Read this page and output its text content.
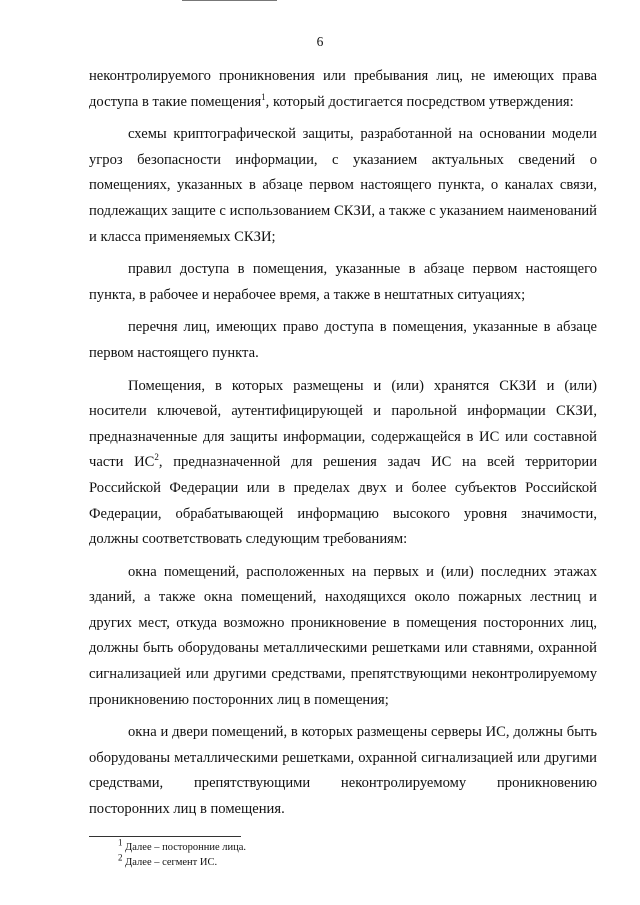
6

неконтролируемого проникновения или пребывания лиц, не имеющих права доступа в такие помещения$^1$, который достигается посредством утверждения:

схемы криптографической защиты, разработанной на основании модели угроз безопасности информации, с указанием актуальных сведений о помещениях, указанных в абзаце первом настоящего пункта, о каналах связи, подлежащих защите с использованием СКЗИ, а также с указанием наименований и класса применяемых СКЗИ;

правил доступа в помещения, указанные в абзаце первом настоящего пункта, в рабочее и нерабочее время, а также в нештатных ситуациях;

перечня лиц, имеющих право доступа в помещения, указанные в абзаце первом настоящего пункта.

Помещения, в которых размещены и (или) хранятся СКЗИ и (или) носители ключевой, аутентифицирующей и парольной информации СКЗИ, предназначенные для защиты информации, содержащейся в ИС или составной части $ИС^2$, предназначенной для решения задач ИС на всей территории Российской Федерации или в пределах двух и более субъектов Российской Федерации, обрабатывающей информацию высокого уровня значимости, должны соответствовать следующим требованиям:

окна помещений, расположенных на первых и (или) последних этажах зданий, а также окна помещений, находящихся около пожарных лестниц и других мест, откуда возможно проникновение в помещения посторонних лиц, должны быть оборудованы металлическими решетками или ставнями, охранной сигнализацией или другими средствами, препятствующими неконтролируемому проникновению посторонних лиц в помещения;

окна и двери помещений, в которых размещены серверы ИС, должны быть оборудованы металлическими решетками, охранной сигнализацией или другими средствами, препятствующими неконтролируемому проникновению посторонних лиц в помещения.

$^1$ Далее – посторонние лица.
$^2$ Далее – сегмент ИС.
